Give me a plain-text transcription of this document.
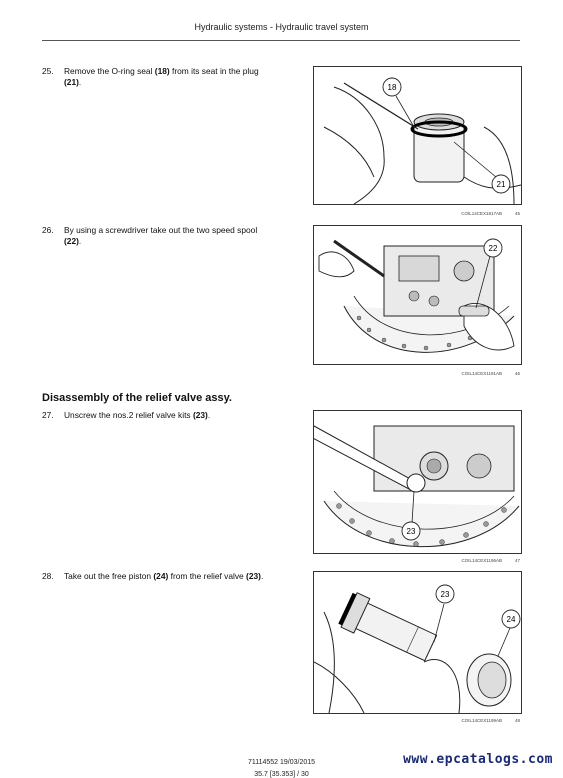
Hydraulic systems - Hydraulic travel system
25. Remove the O-ring seal (18) from its seat in the plug
(21).
18
21
COIL14CEX1817AB	45
26. By using a screwdriver take out the two speed spool
(22).
22
COIL14CEX1191AB	46
Disassembly of the relief valve assy.
27. Unscrew the nos.2 relief valve kits (23).
23
COIL14CEX1196AB	47
28. Take out the free piston (24) from the relief valve (23).
23
24
COIL14CEX1199AB	48
71114552 19/03/2015
35.7 [35.353] / 30
www.epcatalogs.com
